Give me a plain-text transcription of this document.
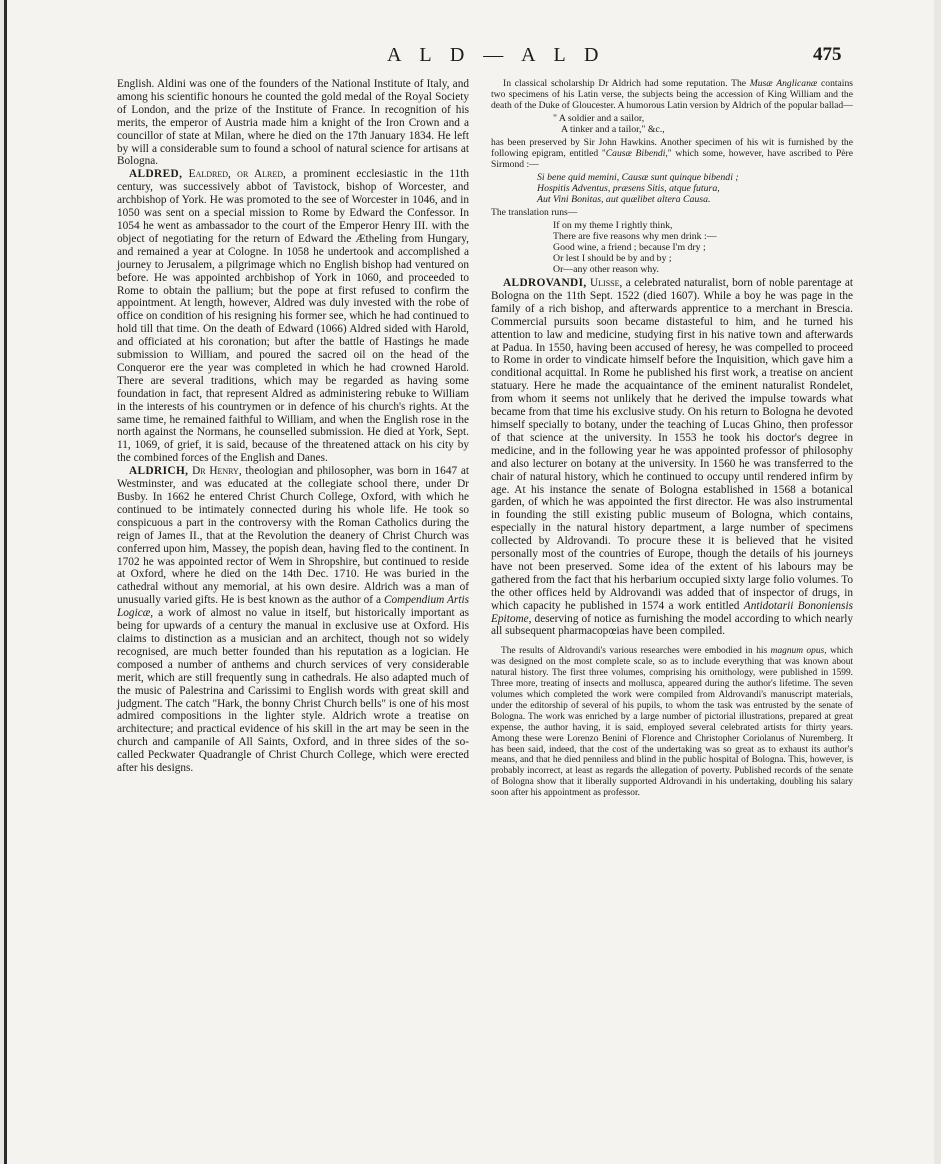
A L D — A L D	475

English. Aldini was one of the founders of the National Institute of Italy, and among his scientific honours he counted the gold medal of the Royal Society of London, and the prize of the Institute of France. In recognition of his merits, the emperor of Austria made him a knight of the Iron Crown and a councillor of state at Milan, where he died on the 17th January 1834. He left by will a considerable sum to found a school of natural science for artisans at Bologna.

ALDRED, Ealdred, or Alred, a prominent ecclesiastic in the 11th century, was successively abbot of Tavistock, bishop of Worcester, and archbishop of York. He was promoted to the see of Worcester in 1046, and in 1050 was sent on a special mission to Rome by Edward the Confessor. In 1054 he went as ambassador to the court of the Emperor Henry III. with the object of negotiating for the return of Edward the Ætheling from Hungary, and remained a year at Cologne. In 1058 he undertook and accomplished a journey to Jerusalem, a pilgrimage which no English bishop had ventured on before. He was appointed archbishop of York in 1060, and proceeded to Rome to obtain the pallium; but the pope at first refused to confirm the appointment. At length, however, Aldred was duly invested with the robe of office on condition of his resigning his former see, which he had continued to hold till that time. On the death of Edward (1066) Aldred sided with Harold, and officiated at his coronation; but after the battle of Hastings he made submission to William, and poured the sacred oil on the head of the Conqueror ere the year was completed in which he had crowned Harold. There are several traditions, which may be regarded as having some foundation in fact, that represent Aldred as administering rebuke to William in the interests of his countrymen or in defence of his church's rights. At the same time, he remained faithful to William, and when the English rose in the north against the Normans, he counselled submission. He died at York, Sept. 11, 1069, of grief, it is said, because of the threatened attack on his city by the combined forces of the English and Danes.

ALDRICH, Dr Henry, theologian and philosopher, was born in 1647 at Westminster, and was educated at the collegiate school there, under Dr Busby. In 1662 he entered Christ Church College, Oxford, with which he continued to be intimately connected during his whole life. He took so conspicuous a part in the controversy with the Roman Catholics during the reign of James II., that at the Revolution the deanery of Christ Church was conferred upon him, Massey, the popish dean, having fled to the continent. In 1702 he was appointed rector of Wem in Shropshire, but continued to reside at Oxford, where he died on the 14th Dec. 1710. He was buried in the cathedral without any memorial, at his own desire. Aldrich was a man of unusually varied gifts. He is best known as the author of a Compendium Artis Logicæ, a work of almost no value in itself, but historically important as being for upwards of a century the manual in exclusive use at Oxford. His claims to distinction as a musician and an architect, though not so widely recognised, are much better founded than his reputation as a logician. He composed a number of anthems and church services of very considerable merit, which are still frequently sung in cathedrals. He also adapted much of the music of Palestrina and Carissimi to English words with great skill and judgment. The catch "Hark, the bonny Christ Church bells" is one of his most admired compositions in the lighter style. Aldrich wrote a treatise on architecture; and practical evidence of his skill in the art may be seen in the church and campanile of All Saints, Oxford, and in three sides of the so-called Peckwater Quadrangle of Christ Church College, which were erected after his designs.

In classical scholarship Dr Aldrich had some reputation. The Musæ Anglicanæ contains two specimens of his Latin verse, the subjects being the accession of King William and the death of the Duke of Gloucester. A humorous Latin version by Aldrich of the popular ballad—

" A soldier and a sailor,
A tinker and a tailor," &c.,

has been preserved by Sir John Hawkins. Another specimen of his wit is furnished by the following epigram, entitled "Causæ Bibendi," which some, however, have ascribed to Père Sirmond :—

Si bene quid memini, Causæ sunt quinque bibendi ;
Hospitis Adventus, præsens Sitis, atque futura,
Aut Vini Bonitas, aut quælibet altera Causa.

The translation runs—

If on my theme I rightly think,
There are five reasons why men drink :—
Good wine, a friend ; because I'm dry ;
Or lest I should be by and by ;
Or—any other reason why.

ALDROVANDI, Ulisse, a celebrated naturalist, born of noble parentage at Bologna on the 11th Sept. 1522 (died 1607). While a boy he was page in the family of a rich bishop, and afterwards apprentice to a merchant in Brescia. Commercial pursuits soon became distasteful to him, and he turned his attention to law and medicine, studying first in his native town and afterwards at Padua. In 1550, having been accused of heresy, he was compelled to proceed to Rome in order to vindicate himself before the Inquisition, which gave him a conditional acquittal. In Rome he published his first work, a treatise on ancient statuary. Here he made the acquaintance of the eminent naturalist Rondelet, from whom it seems not unlikely that he derived the impulse towards what became from that time his exclusive study. On his return to Bologna he devoted himself specially to botany, under the teaching of Lucas Ghino, then professor of that science at the university. In 1553 he took his doctor's degree in medicine, and in the following year he was appointed professor of philosophy and also lecturer on botany at the university. In 1560 he was transferred to the chair of natural history, which he continued to occupy until rendered infirm by age. At his instance the senate of Bologna established in 1568 a botanical garden, of which he was appointed the first director. He was also instrumental in founding the still existing public museum of Bologna, which contains, especially in the natural history department, a large number of specimens collected by Aldrovandi. To procure these it is believed that he visited personally most of the countries of Europe, though the details of his journeys have not been preserved. Some idea of the extent of his labours may be gathered from the fact that his herbarium occupied sixty large folio volumes. To the other offices held by Aldrovandi was added that of inspector of drugs, in which capacity he published in 1574 a work entitled Antidotarii Bononiensis Epitome, deserving of notice as furnishing the model according to which nearly all subsequent pharmacopœias have been compiled.

The results of Aldrovandi's various researches were embodied in his magnum opus, which was designed on the most complete scale, so as to include everything that was known about natural history. The first three volumes, comprising his ornithology, were published in 1599. Three more, treating of insects and mollusca, appeared during the author's lifetime. The seven volumes which completed the work were compiled from Aldrovandi's manuscript materials, under the editorship of several of his pupils, to whom the task was entrusted by the senate of Bologna. The work was enriched by a large number of pictorial illustrations, prepared at great expense, the author having, it is said, employed several celebrated artists for thirty years. Among these were Lorenzo Benini of Florence and Christopher Coriolanus of Nuremberg. It has been said, indeed, that the cost of the undertaking was so great as to exhaust its author's means, and that he died penniless and blind in the public hospital of Bologna. This, however, is probably incorrect, at least as regards the allegation of poverty. Published records of the senate of Bologna show that it liberally supported Aldrovandi in his undertaking, doubling his salary soon after his appointment as professor.
